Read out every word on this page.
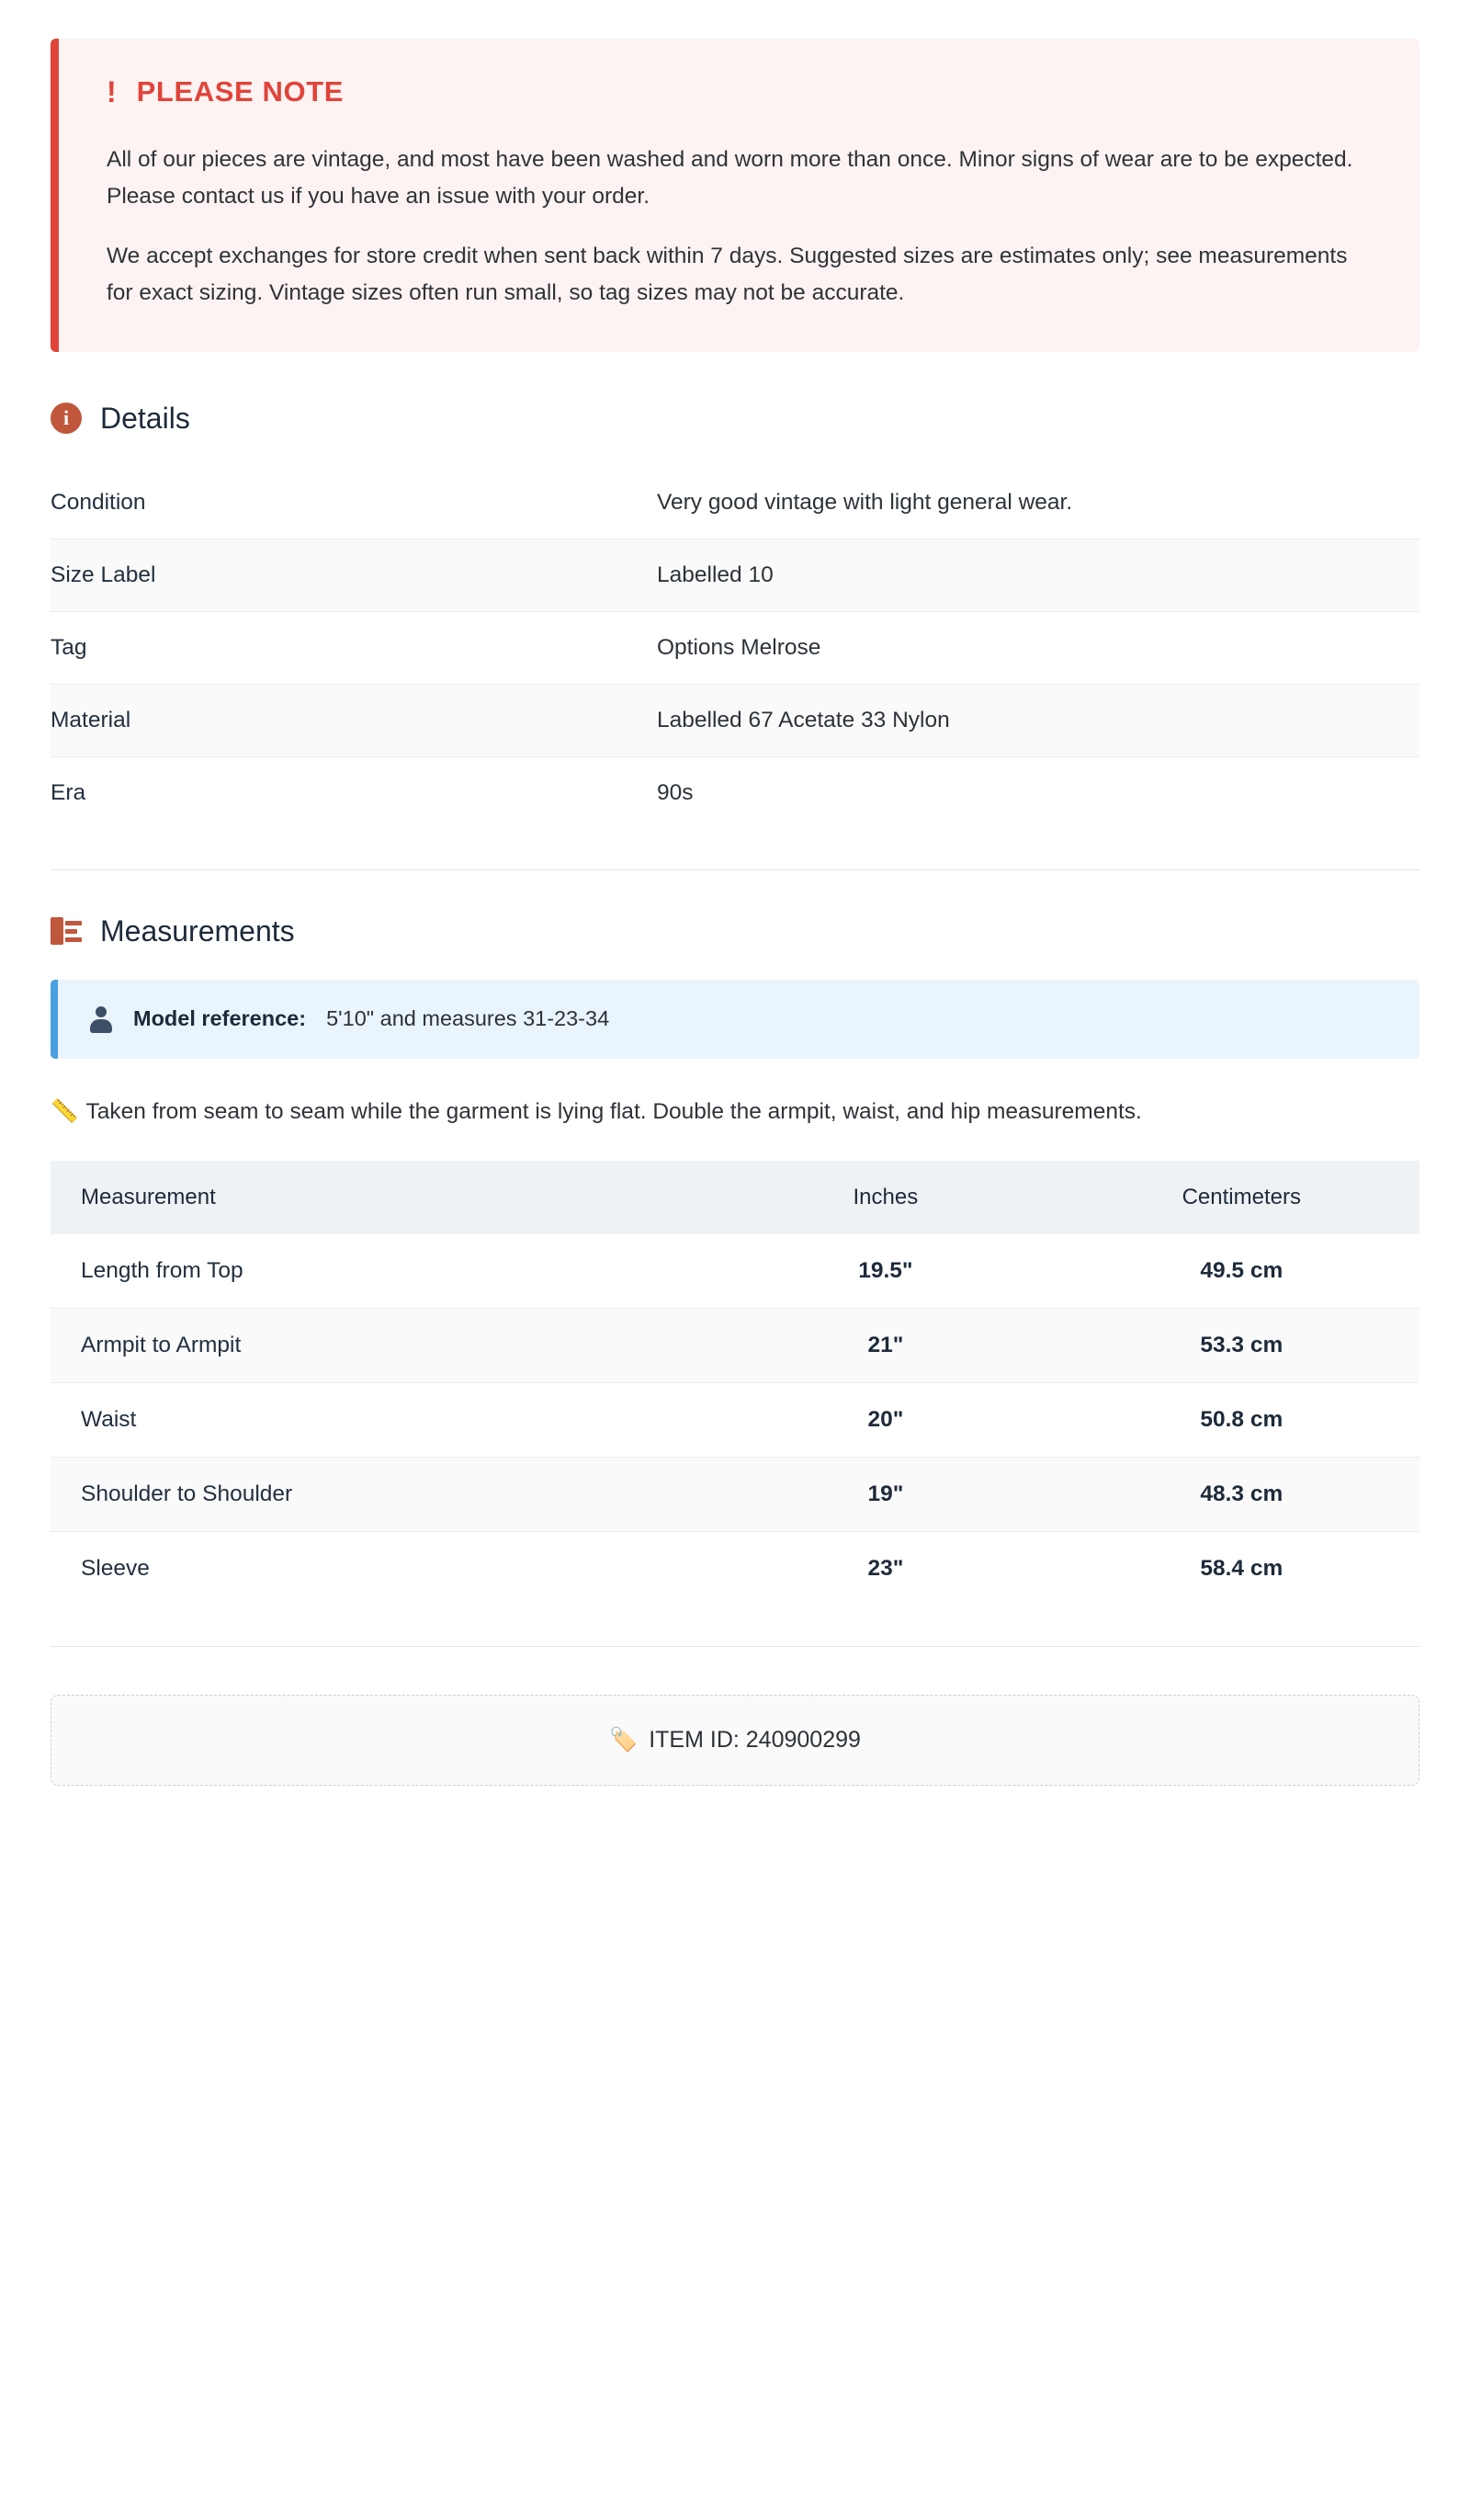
! PLEASE NOTE

All of our pieces are vintage, and most have been washed and worn more than once. Minor signs of wear are to be expected. Please contact us if you have an issue with your order.

We accept exchanges for store credit when sent back within 7 days. Suggested sizes are estimates only; see measurements for exact sizing. Vintage sizes often run small, so tag sizes may not be accurate.

i	Details
Condition	Very good vintage with light general wear.
Size Label	Labelled 10
Tag	Options Melrose
Material	Labelled 67 Acetate 33 Nylon
Era	90s
Measurements
Model reference: 5'10" and measures 31-23-34

📏 Taken from seam to seam while the garment is lying flat. Double the armpit, waist, and hip measurements.

Measurement	Inches	Centimeters
Length from Top	19.5"	49.5 cm
Armpit to Armpit	21"	53.3 cm
Waist	20"	50.8 cm
Shoulder to Shoulder	19"	48.3 cm
Sleeve	23"	58.4 cm
🏷️ ITEM ID: 240900299
